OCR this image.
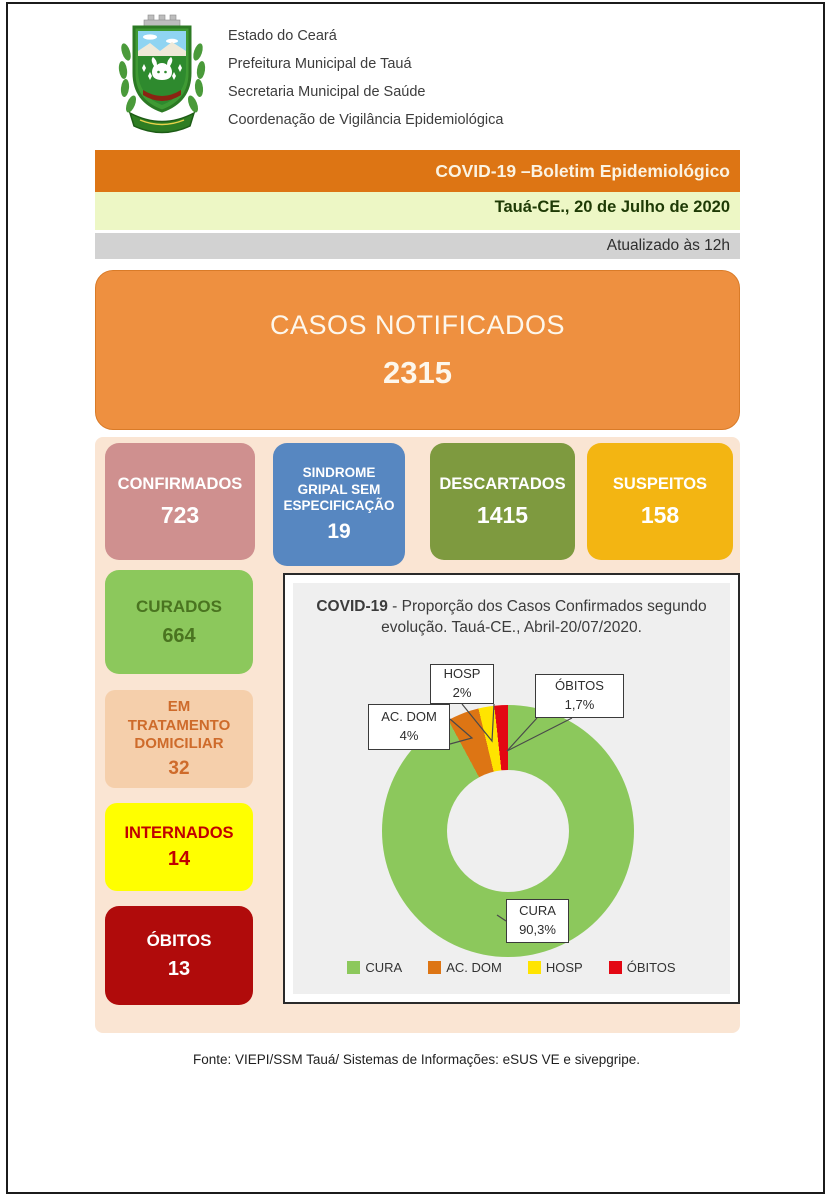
Estado do Ceará
Prefeitura Municipal de Tauá
Secretaria Municipal de Saúde
Coordenação de Vigilância Epidemiológica
COVID-19 –Boletim Epidemiológico
Tauá-CE., 20 de Julho de 2020
Atualizado às 12h
CASOS NOTIFICADOS
2315
CONFIRMADOS
723
SINDROME GRIPAL SEM ESPECIFICAÇÃO
19
DESCARTADOS
1415
SUSPEITOS
158
CURADOS
664
EM TRATAMENTO DOMICILIAR
32
INTERNADOS
14
ÓBITOS
13
COVID-19 - Proporção dos Casos Confirmados segundo evolução. Tauá-CE., Abril-20/07/2020.
HOSP
2%	ÓBITOS
1,7%
AC. DOM
4%
CURA
90,3%
CURA	AC. DOM	HOSP	ÓBITOS
Fonte: VIEPI/SSM Tauá/ Sistemas de Informações: eSUS VE e sivepgripe.
